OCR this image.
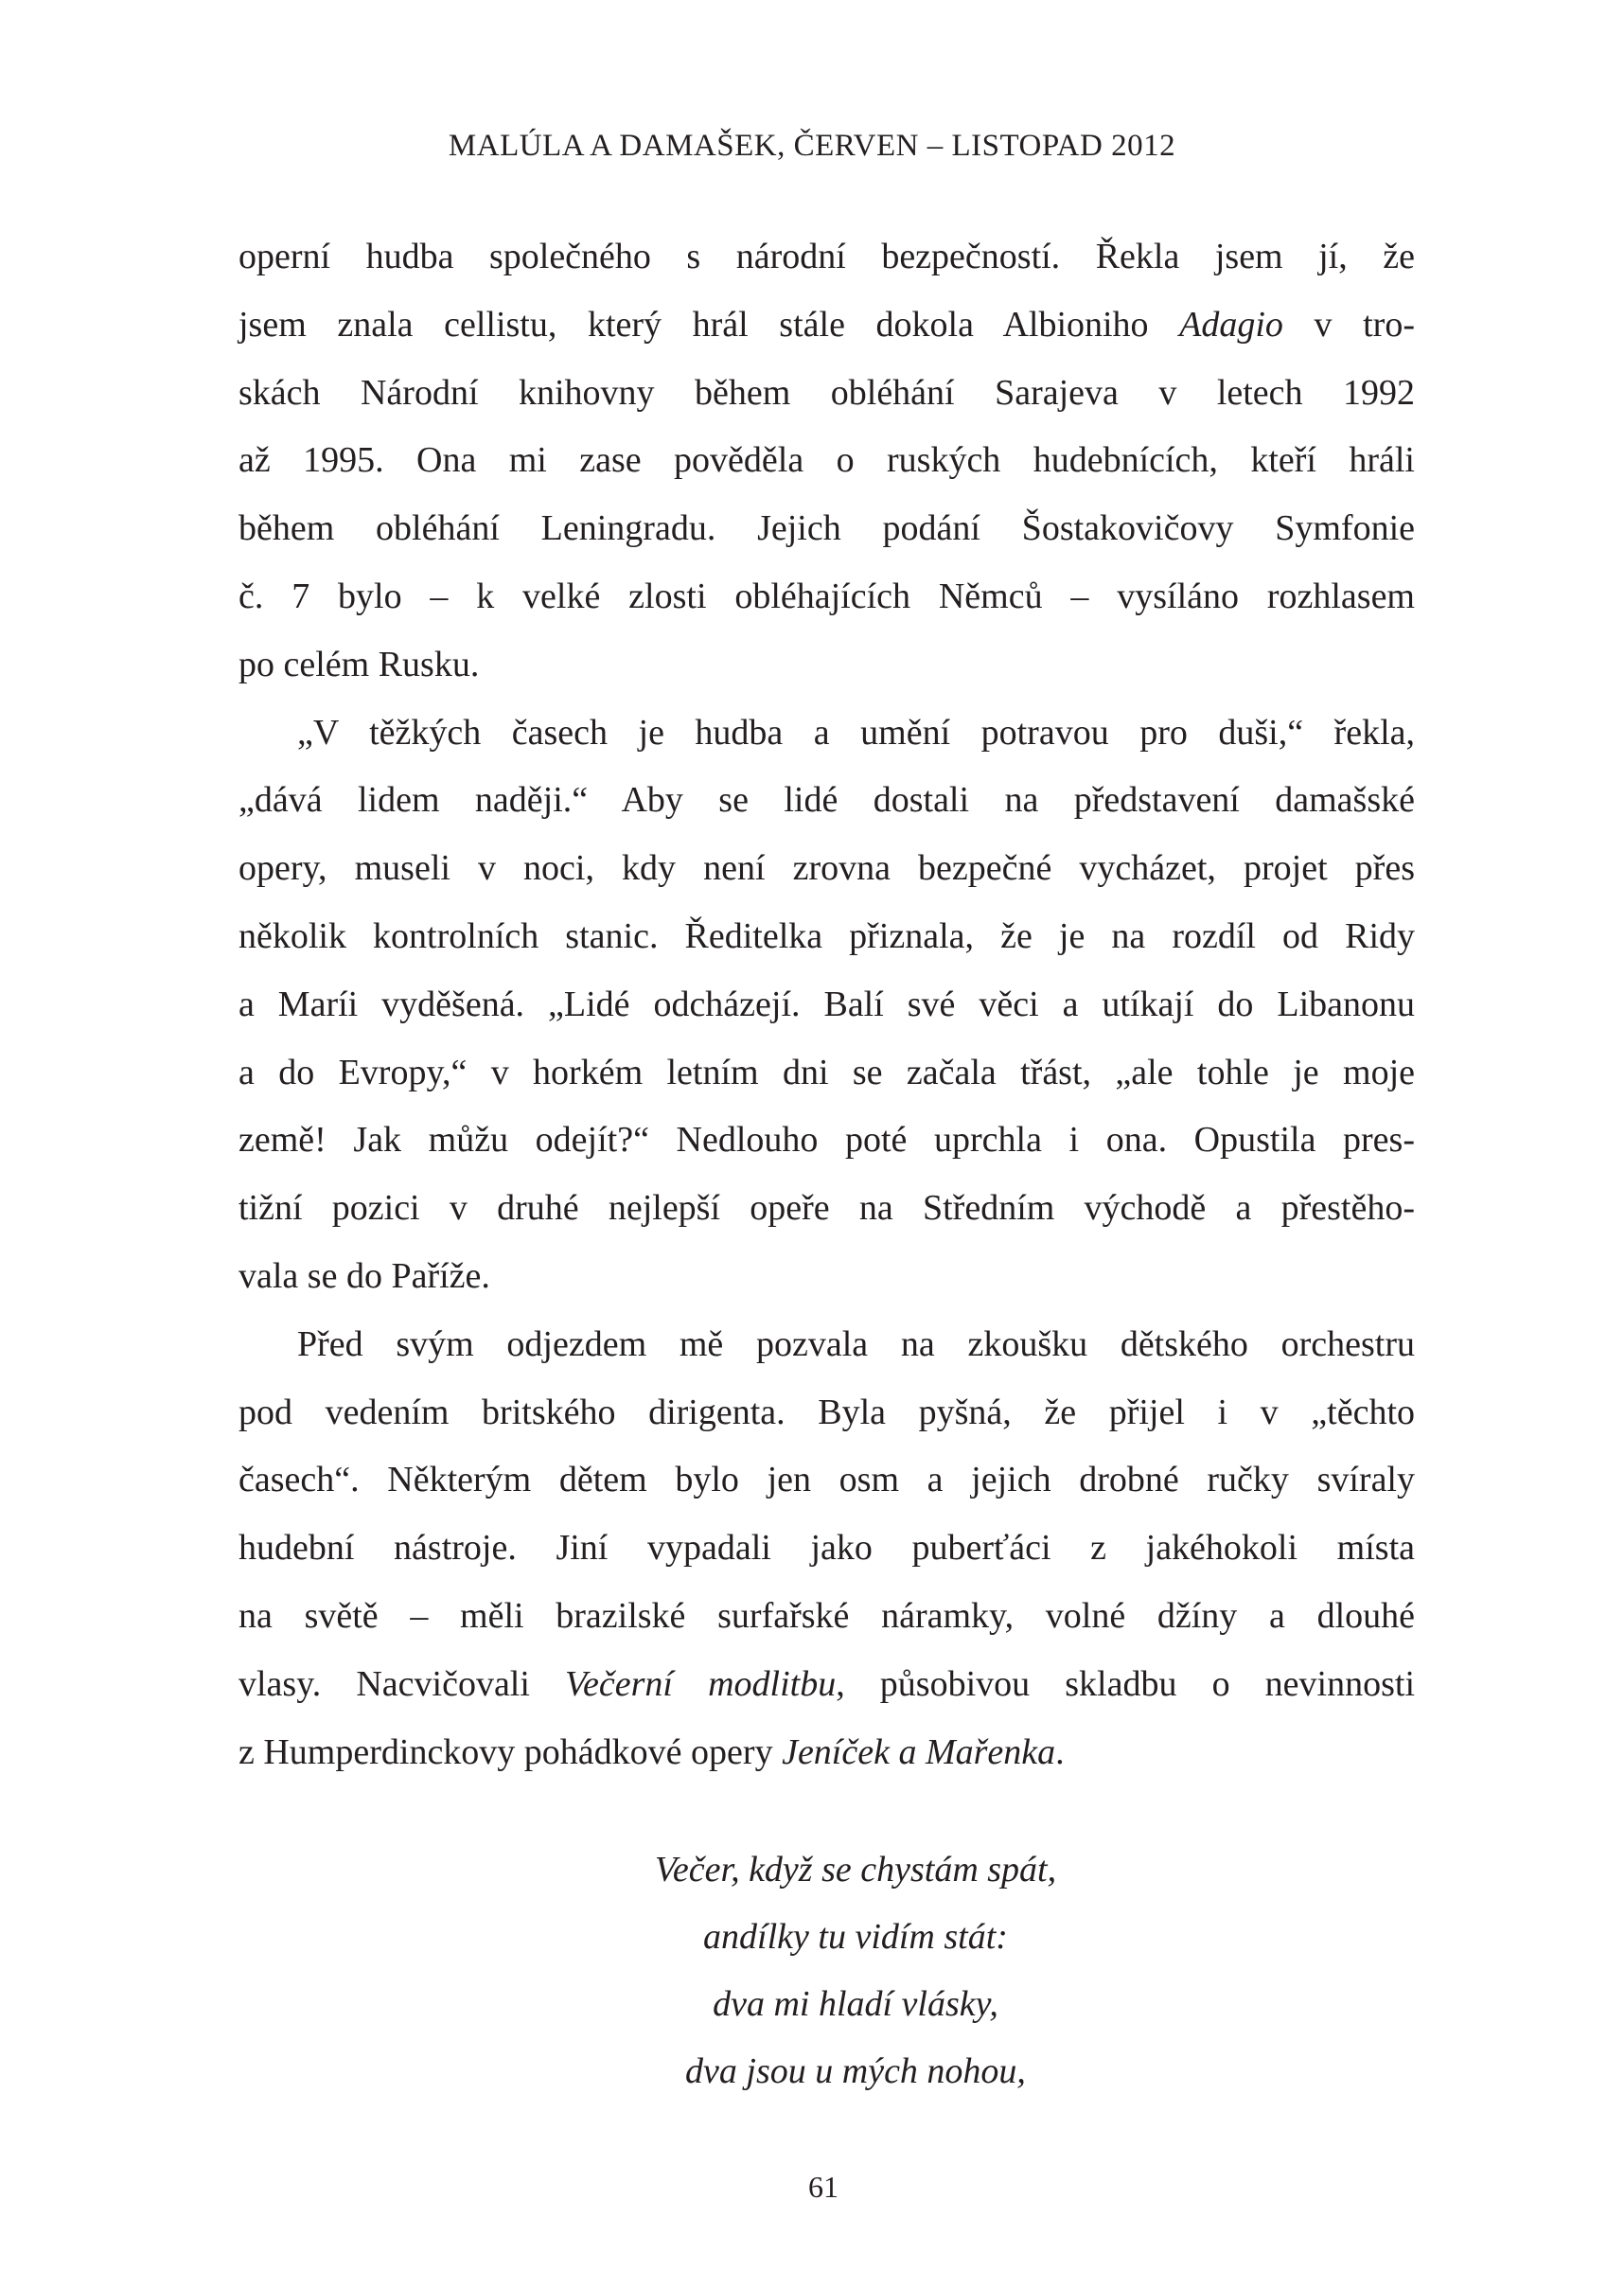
MALÚLA A DAMAŠEK, ČERVEN – LISTOPAD 2012
operní hudba společného s národní bezpečností. Řekla jsem jí, že
jsem znala cellistu, který hrál stále dokola Albioniho Adagio v tro-
skách Národní knihovny během obléhání Sarajeva v letech 1992
až 1995. Ona mi zase pověděla o ruských hudebnících, kteří hráli
během obléhání Leningradu. Jejich podání Šostakovičovy Symfonie
č. 7 bylo – k velké zlosti obléhajících Němců – vysíláno rozhlasem
po celém Rusku.
„V těžkých časech je hudba a umění potravou pro duši,“ řekla,
„dává lidem naději.“ Aby se lidé dostali na představení damašské
opery, museli v noci, kdy není zrovna bezpečné vycházet, projet přes
několik kontrolních stanic. Ředitelka přiznala, že je na rozdíl od Ridy
a Maríi vyděšená. „Lidé odcházejí. Balí své věci a utíkají do Libanonu
a do Evropy,“ v horkém letním dni se začala třást, „ale tohle je moje
země! Jak můžu odejít?“ Nedlouho poté uprchla i ona. Opustila pres-
tižní pozici v druhé nejlepší opeře na Středním východě a přestěho-
vala se do Paříže.
Před svým odjezdem mě pozvala na zkoušku dětského orchestru
pod vedením britského dirigenta. Byla pyšná, že přijel i v „těchto
časech“. Některým dětem bylo jen osm a jejich drobné ručky svíraly
hudební nástroje. Jiní vypadali jako puberťáci z jakéhokoli místa
na světě – měli brazilské surfařské náramky, volné džíny a dlouhé
vlasy. Nacvičovali Večerní modlitbu, působivou skladbu o nevinnosti
z Humperdinckovy pohádkové opery Jeníček a Mařenka.
Večer, když se chystám spát,
andílky tu vidím stát:
dva mi hladí vlásky,
dva jsou u mých nohou,
61
